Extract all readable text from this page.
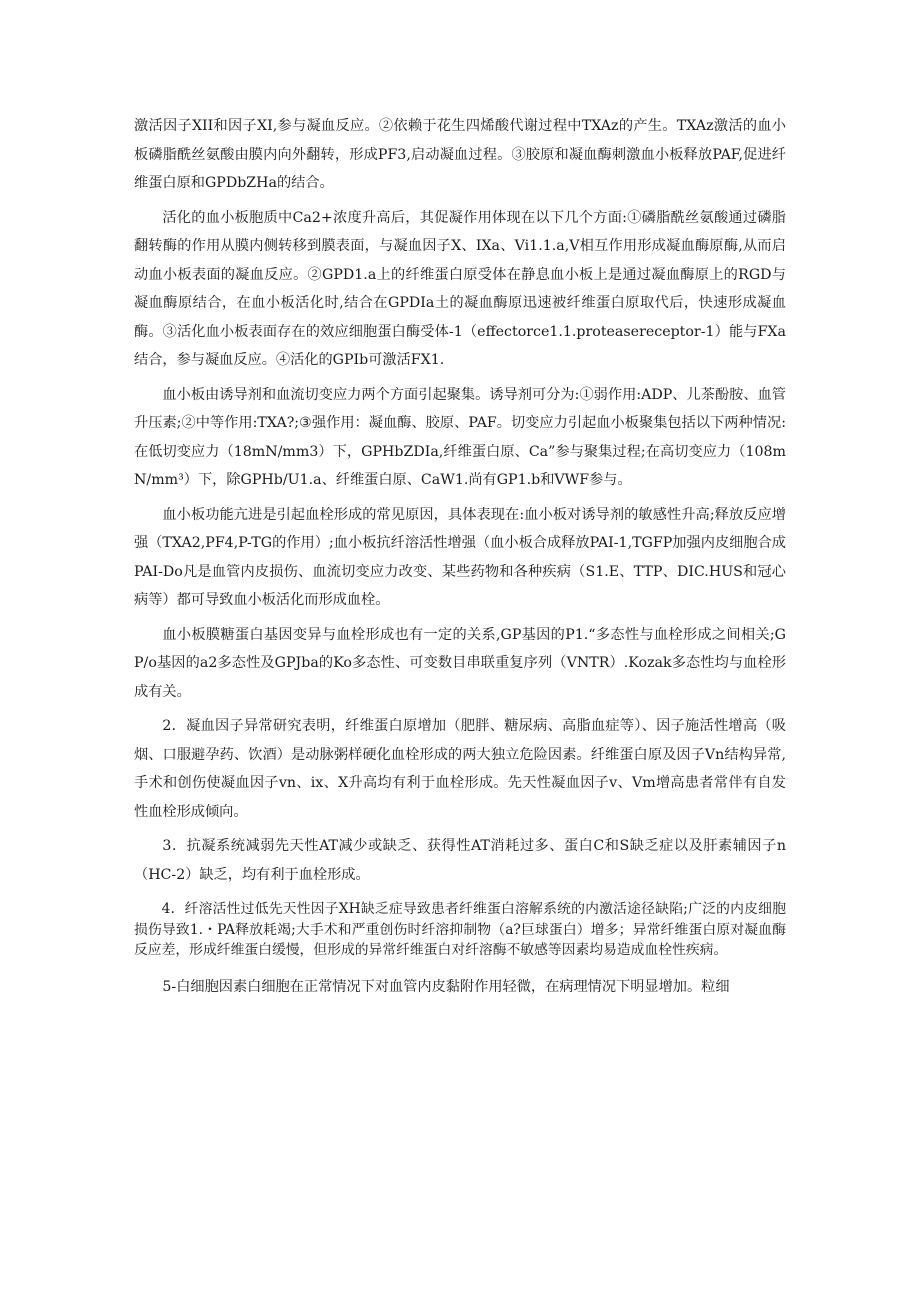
激活因子XII和因子XI,参与凝血反应。②依赖于花生四烯酸代谢过程中TXAz的产生。TXAz激活的血小板磷脂酰丝氨酸由膜内向外翻转，形成PF3,启动凝血过程。③胶原和凝血酶刺激血小板释放PAF,促进纤维蛋白原和GPDbZHa的结合。

活化的血小板胞质中Ca2+浓度升高后，其促凝作用体现在以下几个方面:①磷脂酰丝氨酸通过磷脂翻转酶的作用从膜内侧转移到膜表面，与凝血因子X、IXa、Vi1.1.a,V相互作用形成凝血酶原酶,从而启动血小板表面的凝血反应。②GPD1.a上的纤维蛋白原受体在静息血小板上是通过凝血酶原上的RGD与凝血酶原结合，在血小板活化时,结合在GPDIa土的凝血酶原迅速被纤维蛋白原取代后，快速形成凝血酶。③活化血小板表面存在的效应细胞蛋白酶受体-1（effectorce1.1.proteasereceptor-1）能与FXa结合，参与凝血反应。④活化的GPIb可激活FX1.

血小板由诱导剂和血流切变应力两个方面引起聚集。诱导剂可分为:①弱作用:ADP、儿茶酚胺、血管升压素;②中等作用:TXA?;③强作用：凝血酶、胶原、PAF。切变应力引起血小板聚集包括以下两种情况:在低切变应力（18mN∕mm3）下，GPHbZDIa,纤维蛋白原、Ca”参与聚集过程;在高切变应力（108mN∕mm³）下，除GPHb/U1.a、纤维蛋白原、CaW1.尚有GP1.b和VWF参与。

血小板功能亢进是引起血栓形成的常见原因，具体表现在:血小板对诱导剂的敏感性升高;释放反应增强（TXA2,PF4,P-TG的作用）;血小板抗纤溶活性增强（血小板合成释放PAI-1,TGFP加强内皮细胞合成PAI-Do凡是血管内皮损伤、血流切变应力改变、某些药物和各种疾病（S1.E、TTP、DIC.HUS和冠心病等）都可导致血小板活化而形成血栓。

血小板膜糖蛋白基因变异与血栓形成也有一定的关系,GP基因的P1.“多态性与血栓形成之间相关;GP/o基因的a2多态性及GPJba的Ko多态性、可变数目串联重复序列（VNTR）.Kozak多态性均与血栓形成有关。

2．凝血因子异常研究表明，纤维蛋白原增加（肥胖、糖尿病、高脂血症等）、因子施活性增高（吸烟、口服避孕药、饮酒）是动脉粥样硬化血栓形成的两大独立危险因素。纤维蛋白原及因子Vn结构异常,手术和创伤使凝血因子vn、ix、X升高均有利于血栓形成。先天性凝血因子v、Vm增高患者常伴有自发性血栓形成倾向。

3．抗凝系统减弱先天性AT减少或缺乏、获得性AT消耗过多、蛋白C和S缺乏症以及肝素辅因子n（HC-2）缺乏，均有利于血栓形成。

4．纤溶活性过低先天性因子XH缺乏症导致患者纤维蛋白溶解系统的内激活途径缺陷;广泛的内皮细胞损伤导致1.・PA释放耗竭;大手术和严重创伤时纤溶抑制物（a?巨球蛋白）增多；异常纤维蛋白原对凝血酶反应差，形成纤维蛋白缓慢，但形成的异常纤维蛋白对纤溶酶不敏感等因素均易造成血栓性疾病。

5-白细胞因素白细胞在正常情况下对血管内皮黏附作用轻微，在病理情况下明显增加。粒细
